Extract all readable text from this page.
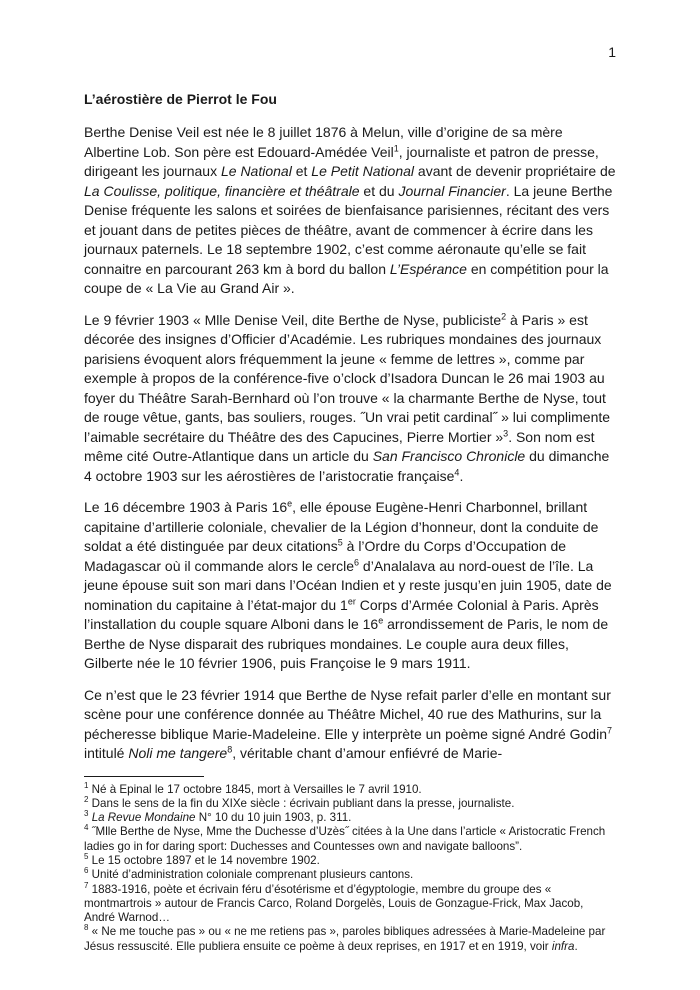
1
L’aérostière de Pierrot le Fou

Berthe Denise Veil est née le 8 juillet 1876 à Melun, ville d’origine de sa mère Albertine Lob. Son père est Edouard-Amédée Veil$^1$, journaliste et patron de presse, dirigeant les journaux Le National et Le Petit National avant de devenir propriétaire de La Coulisse, politique, financière et théâtrale et du Journal Financier. La jeune Berthe Denise fréquente les salons et soirées de bienfaisance parisiennes, récitant des vers et jouant dans de petites pièces de théâtre, avant de commencer à écrire dans les journaux paternels. Le 18 septembre 1902, c’est comme aéronaute qu’elle se fait connaitre en parcourant 263 km à bord du ballon L’Espérance en compétition pour la coupe de « La Vie au Grand Air ».

Le 9 février 1903 « Mlle Denise Veil, dite Berthe de Nyse, publiciste$^2$ à Paris » est décorée des insignes d’Officier d’Académie. Les rubriques mondaines des journaux parisiens évoquent alors fréquemment la jeune « femme de lettres », comme par exemple à propos de la conférence-five o’clock d’Isadora Duncan le 26 mai 1903 au foyer du Théâtre Sarah-Bernhard où l’on trouve « la charmante Berthe de Nyse, tout de rouge vêtue, gants, bas souliers, rouges. ˝Un vrai petit cardinal˝ » lui complimente l’aimable secrétaire du Théâtre des des Capucines, Pierre Mortier »$^3$. Son nom est même cité Outre-Atlantique dans un article du San Francisco Chronicle du dimanche 4 octobre 1903 sur les aérostières de l’aristocratie française$^4$.

Le 16 décembre 1903 à Paris 16e, elle épouse Eugène-Henri Charbonnel, brillant capitaine d’artillerie coloniale, chevalier de la Légion d’honneur, dont la conduite de soldat a été distinguée par deux citations$^5$ à l’Ordre du Corps d’Occupation de Madagascar où il commande alors le cercle$^6$ d’Analalava au nord-ouest de l’île. La jeune épouse suit son mari dans l’Océan Indien et y reste jusqu’en juin 1905, date de nomination du capitaine à l’état-major du 1er Corps d’Armée Colonial à Paris. Après l’installation du couple square Alboni dans le 16e arrondissement de Paris, le nom de Berthe de Nyse disparait des rubriques mondaines. Le couple aura deux filles, Gilberte née le 10 février 1906, puis Françoise le 9 mars 1911.

Ce n’est que le 23 février 1914 que Berthe de Nyse refait parler d’elle en montant sur scène pour une conférence donnée au Théâtre Michel, 40 rue des Mathurins, sur la pécheresse biblique Marie-Madeleine. Elle y interprète un poème signé André Godin$^7$ intitulé Noli me tangere$^8$, véritable chant d’amour enfiévré de Marie-

$^1$ Né à Epinal le 17 octobre 1845, mort à Versailles le 7 avril 1910.
$^2$ Dans le sens de la fin du XIXe siècle : écrivain publiant dans la presse, journaliste.
$^3$ La Revue Mondaine N° 10 du 10 juin 1903, p. 311.
$^4$ ˝Mlle Berthe de Nyse, Mme the Duchesse d’Uzès˝ citées à la Une dans l’article « Aristocratic French ladies go in for daring sport: Duchesses and Countesses own and navigate balloons”.
$^5$ Le 15 octobre 1897 et le 14 novembre 1902.
$^6$ Unité d’administration coloniale comprenant plusieurs cantons.
$^7$ 1883-1916, poète et écrivain féru d’ésotérisme et d’égyptologie, membre du groupe des « montmartrois » autour de Francis Carco, Roland Dorgelès, Louis de Gonzague-Frick, Max Jacob, André Warnod…
$^8$ « Ne me touche pas » ou « ne me retiens pas », paroles bibliques adressées à Marie-Madeleine par Jésus ressuscité. Elle publiera ensuite ce poème à deux reprises, en 1917 et en 1919, voir infra.
